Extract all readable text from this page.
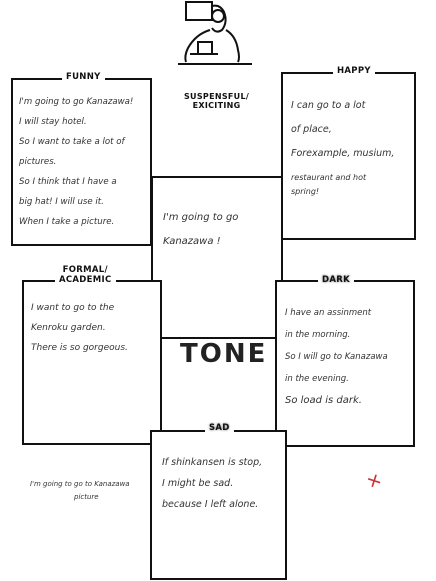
I'm going to go Kanazawa!
I will stay hotel.
So I want to take a lot of
pictures.
So I think that I have a
big hat! I will use it.
When I take a picture.
FUNNY
I can go to a lot
of place,
Forexample, musium,
restaurant and hot
spring!
HAPPY
SUSPENSFUL/
EXICITING
I'm going to go
Kanazawa !
I want to go to the
Kenroku garden.
There is so gorgeous.
FORMAL/
ACADEMIC
I have an assinment
in the morning.
So I will go to Kanazawa
in the evening.
So load is dark.
DARK
TONE
If shinkansen is stop,
I might be sad.
because I left alone.
SAD
I'm going to go to Kanazawa
picture
+
